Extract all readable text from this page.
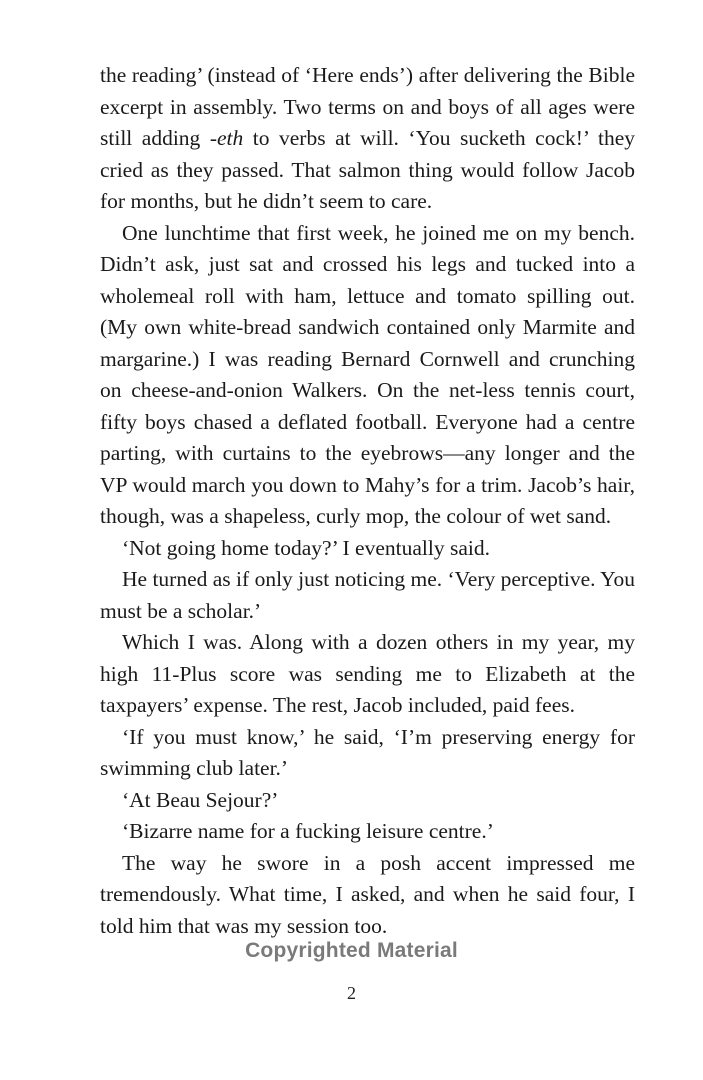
the reading’ (instead of ‘Here ends’) after delivering the Bible excerpt in assembly. Two terms on and boys of all ages were still adding -eth to verbs at will. ‘You sucketh cock!’ they cried as they passed. That salmon thing would follow Jacob for months, but he didn’t seem to care.

One lunchtime that first week, he joined me on my bench. Didn’t ask, just sat and crossed his legs and tucked into a wholemeal roll with ham, lettuce and tomato spilling out. (My own white-bread sandwich contained only Marmite and margarine.) I was reading Bernard Cornwell and crunching on cheese-and-onion Walkers. On the net-less tennis court, fifty boys chased a deflated football. Everyone had a centre parting, with curtains to the eyebrows—any longer and the VP would march you down to Mahy’s for a trim. Jacob’s hair, though, was a shapeless, curly mop, the colour of wet sand.

‘Not going home today?’ I eventually said.

He turned as if only just noticing me. ‘Very perceptive. You must be a scholar.’

Which I was. Along with a dozen others in my year, my high 11-Plus score was sending me to Elizabeth at the taxpayers’ expense. The rest, Jacob included, paid fees.

‘If you must know,’ he said, ‘I’m preserving energy for swimming club later.’

‘At Beau Sejour?’

‘Bizarre name for a fucking leisure centre.’

The way he swore in a posh accent impressed me tremendously. What time, I asked, and when he said four, I told him that was my session too.

Copyrighted Material
2
